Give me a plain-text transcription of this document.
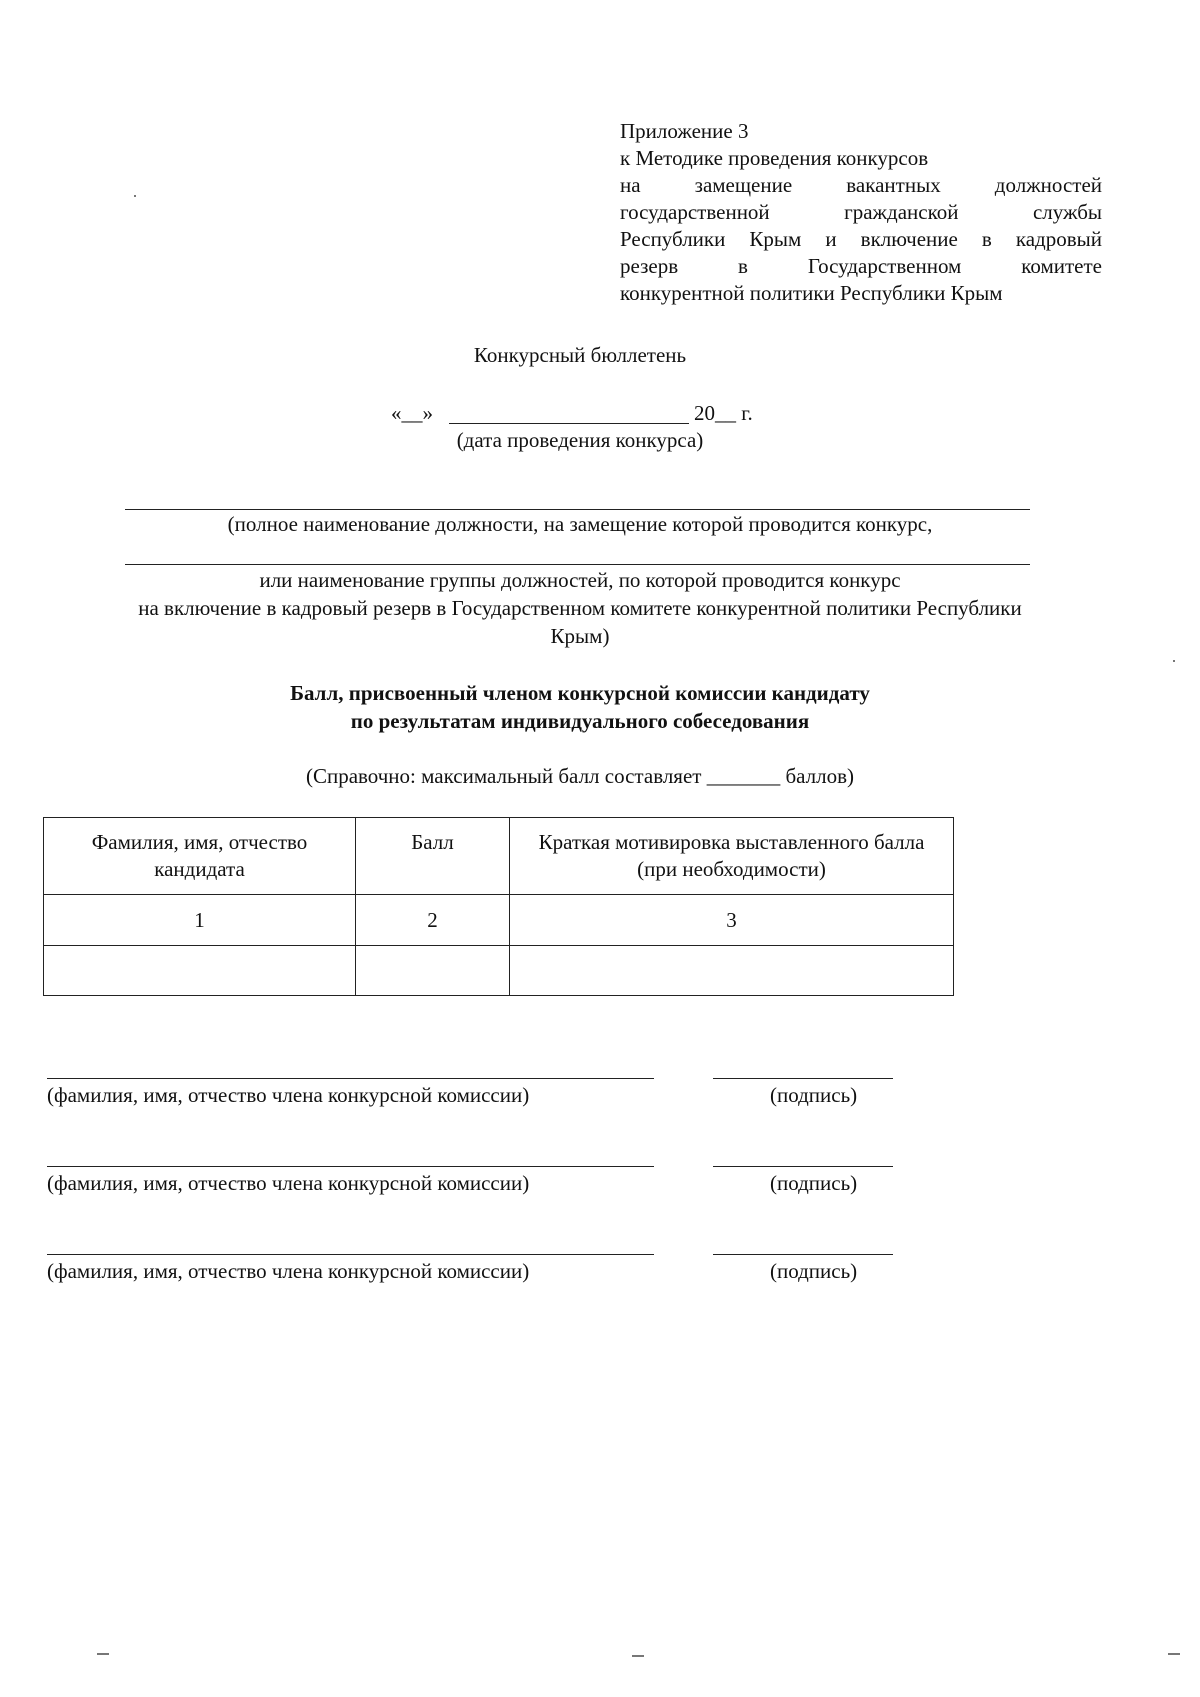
Приложение 3
к Методике проведения конкурсов
на замещение вакантных должностей
государственной гражданской службы
Республики Крым и включение в кадровый
резерв в Государственном комитете
конкурентной политики Республики Крым
Конкурсный бюллетень
«__»	20__ г.
(дата проведения конкурса)
(полное наименование должности, на замещение которой проводится конкурс,
или наименование группы должностей, по которой проводится конкурс
на включение в кадровый резерв в Государственном комитете конкурентной политики Республики
Крым)
Балл, присвоенный членом конкурсной комиссии кандидату
по результатам индивидуального собеседования
(Справочно: максимальный балл составляет _______ баллов)
Фамилия, имя, отчество кандидата	Балл	Краткая мотивировка выставленного балла (при необходимости)
1	2	3

(фамилия, имя, отчество члена конкурсной комиссии)	(подпись)
(фамилия, имя, отчество члена конкурсной комиссии)	(подпись)
(фамилия, имя, отчество члена конкурсной комиссии)	(подпись)
